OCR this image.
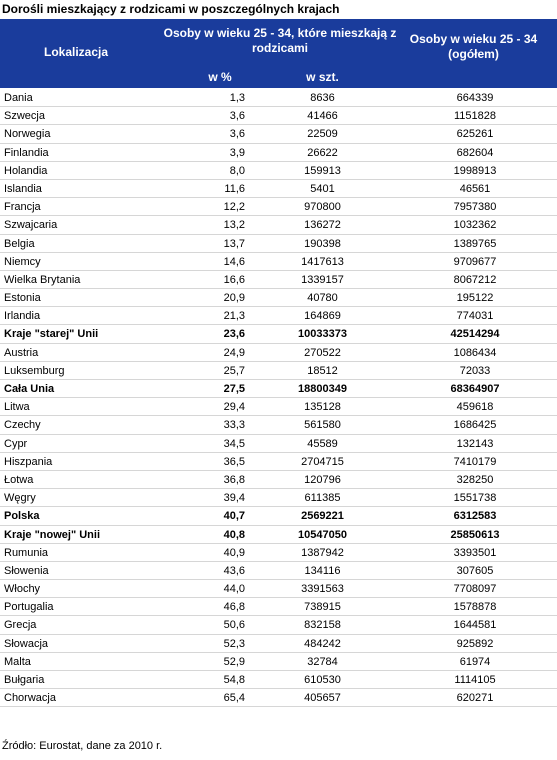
Dorośli mieszkający z rodzicami w poszczególnych krajach
Lokalizacja
Osoby w wieku 25 - 34, które mieszkają z rodzicami
w %	w szt.
Osoby w wieku 25 - 34 (ogółem)
Dania	1,3	8636	664339
Szwecja	3,6	41466	1151828
Norwegia	3,6	22509	625261
Finlandia	3,9	26622	682604
Holandia	8,0	159913	1998913
Islandia	11,6	5401	46561
Francja	12,2	970800	7957380
Szwajcaria	13,2	136272	1032362
Belgia	13,7	190398	1389765
Niemcy	14,6	1417613	9709677
Wielka Brytania	16,6	1339157	8067212
Estonia	20,9	40780	195122
Irlandia	21,3	164869	774031
Kraje "starej" Unii	23,6	10033373	42514294
Austria	24,9	270522	1086434
Luksemburg	25,7	18512	72033
Cała Unia	27,5	18800349	68364907
Litwa	29,4	135128	459618
Czechy	33,3	561580	1686425
Cypr	34,5	45589	132143
Hiszpania	36,5	2704715	7410179
Łotwa	36,8	120796	328250
Węgry	39,4	611385	1551738
Polska	40,7	2569221	6312583
Kraje "nowej" Unii	40,8	10547050	25850613
Rumunia	40,9	1387942	3393501
Słowenia	43,6	134116	307605
Włochy	44,0	3391563	7708097
Portugalia	46,8	738915	1578878
Grecja	50,6	832158	1644581
Słowacja	52,3	484242	925892
Malta	52,9	32784	61974
Bułgaria	54,8	610530	1114105
Chorwacja	65,4	405657	620271
Źródło: Eurostat, dane za 2010 r.
